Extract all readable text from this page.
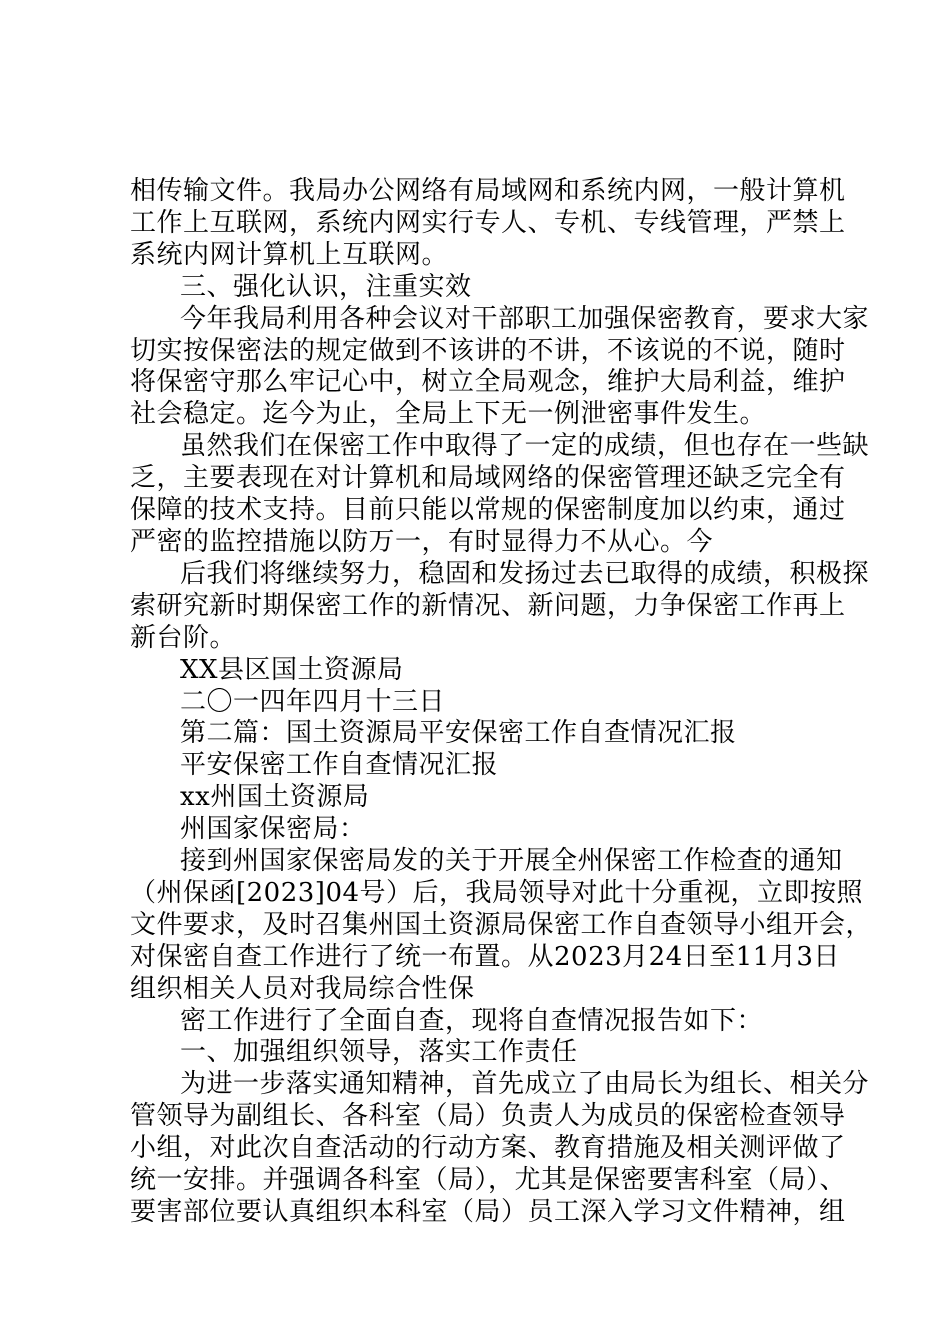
相传输文件。我局办公网络有局域网和系统内网，一般计算机

工作上互联网，系统内网实行专人、专机、专线管理，严禁上

系统内网计算机上互联网。

三、强化认识，注重实效

今年我局利用各种会议对干部职工加强保密教育，要求大家

切实按保密法的规定做到不该讲的不讲，不该说的不说，随时

将保密守那么牢记心中，树立全局观念，维护大局利益，维护

社会稳定。迄今为止，全局上下无一例泄密事件发生。

虽然我们在保密工作中取得了一定的成绩，但也存在一些缺

乏，主要表现在对计算机和局域网络的保密管理还缺乏完全有

保障的技术支持。目前只能以常规的保密制度加以约束，通过

严密的监控措施以防万一，有时显得力不从心。今

后我们将继续努力，稳固和发扬过去已取得的成绩，积极探

索研究新时期保密工作的新情况、新问题，力争保密工作再上

新台阶。

XX县区国土资源局

二〇一四年四月十三日

第二篇：国土资源局平安保密工作自查情况汇报

平安保密工作自查情况汇报

xx州国土资源局

州国家保密局：

接到州国家保密局发的关于开展全州保密工作检查的通知

（州保函[2023]04号）后，我局领导对此十分重视，立即按照

文件要求，及时召集州国土资源局保密工作自查领导小组开会，

对保密自查工作进行了统一布置。从2023月24日至11月3日

组织相关人员对我局综合性保

密工作进行了全面自查，现将自查情况报告如下：

一、加强组织领导，落实工作责任

为进一步落实通知精神，首先成立了由局长为组长、相关分

管领导为副组长、各科室（局）负责人为成员的保密检查领导

小组，对此次自查活动的行动方案、教育措施及相关测评做了

统一安排。并强调各科室（局），尤其是保密要害科室（局）、

要害部位要认真组织本科室（局）员工深入学习文件精神，组
